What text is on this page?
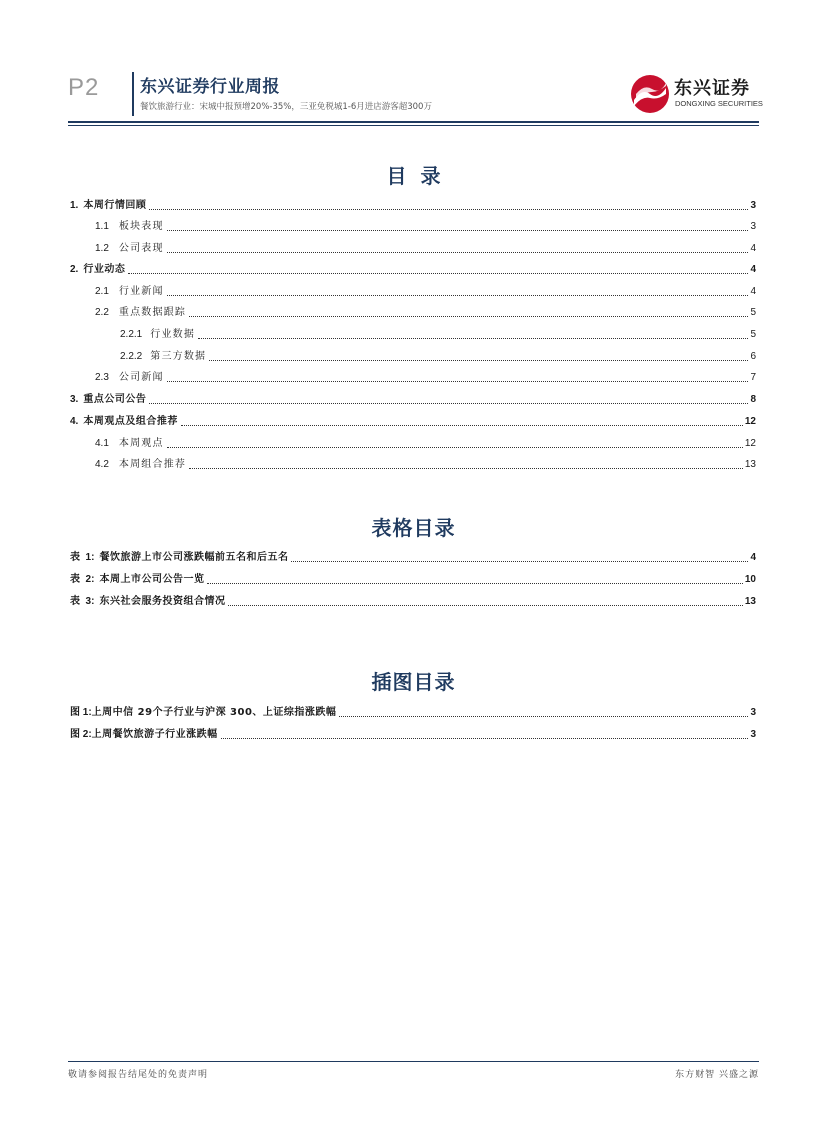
P2 东兴证券行业周报
餐饮旅游行业：宋城中报预增20%-35%，三亚免税城1-6月进店游客超300万
东兴证券
DONGXING SECURITIES
目录
1. 本周行情回顾	3
1.1 板块表现	3
1.2 公司表现	4
2. 行业动态	4
2.1 行业新闻	4
2.2 重点数据跟踪	5
2.2.1 行业数据	5
2.2.2 第三方数据	6
2.3 公司新闻	7
3. 重点公司公告	8
4. 本周观点及组合推荐	12
4.1 本周观点	12
4.2 本周组合推荐	13
表格目录
表  1: 餐饮旅游上市公司涨跌幅前五名和后五名	4
表  2: 本周上市公司公告一览	10
表  3: 东兴社会服务投资组合情况	13
插图目录
图 1: 上周中信 29个子行业与沪深 300、上证综指涨跌幅	3
图 2: 上周餐饮旅游子行业涨跌幅	3
敬请参阅报告结尾处的免责声明	东方财智 兴盛之源
